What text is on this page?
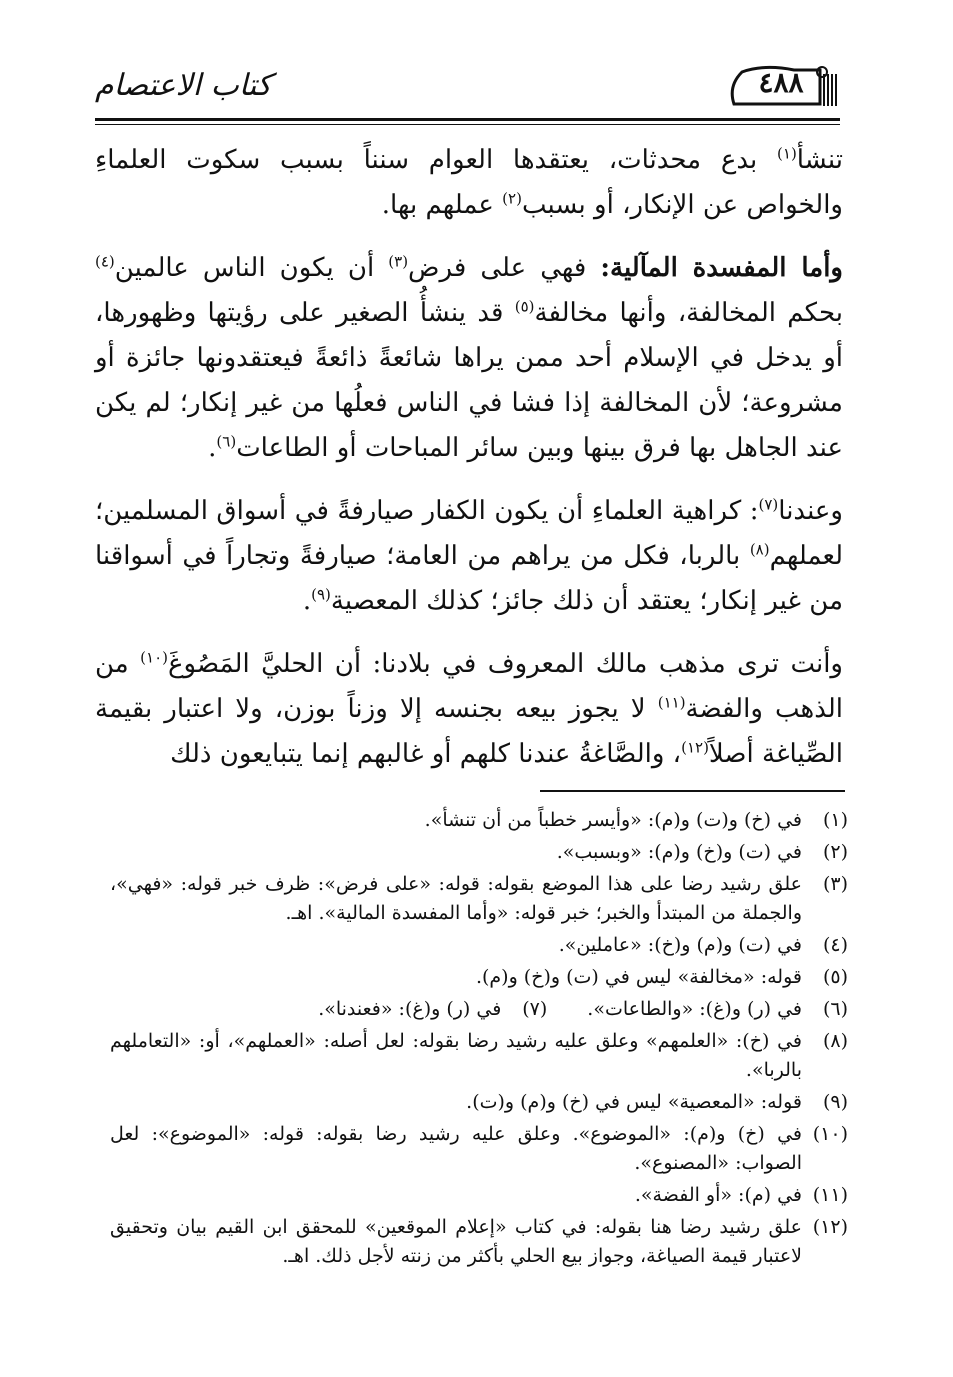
٤٨٨
كتاب الاعتصام

تنشأ$^{(١)}$ بدع محدثات، يعتقدها العوام سنناً بسبب سكوت العلماءِ والخواص عن الإنكار، أو بسبب$^{(٢)}$ عملهم بها.

وأما المفسدة المآلية: فهي على فرض$^{(٣)}$ أن يكون الناس عالمين$^{(٤)}$ بحكم المخالفة، وأنها مخالفة$^{(٥)}$ قد ينشأُ الصغير على رؤيتها وظهورها، أو يدخل في الإسلام أحد ممن يراها شائعةً ذائعةً فيعتقدونها جائزة أو مشروعة؛ لأن المخالفة إذا فشا في الناس فعلُها من غير إنكار؛ لم يكن عند الجاهل بها فرق بينها وبين سائر المباحات أو الطاعات$^{(٦)}$.

وعندنا$^{(٧)}$: كراهية العلماءِ أن يكون الكفار صيارفةً في أسواق المسلمين؛ لعملهم$^{(٨)}$ بالربا، فكل من يراهم من العامة؛ صيارفةً وتجاراً في أسواقنا من غير إنكار؛ يعتقد أن ذلك جائز؛ كذلك المعصية$^{(٩)}$.

وأنت ترى مذهب مالك المعروف في بلادنا: أن الحليَّ المَصُوغَ$^{(١٠)}$ من الذهب والفضة$^{(١١)}$ لا يجوز بيعه بجنسه إلا وزناً بوزن، ولا اعتبار بقيمة الصِّياغة أصلاً$^{(١٢)}$، والصَّاغةُ عندنا كلهم أو غالبهم إنما يتبايعون ذلك

(١)
في (خ) و(ت) و(م): «وأيسر خطباً من أن تنشأ».
(٢)
في (ت) و(خ) و(م): «وبسبب».
(٣)
علق رشيد رضا على هذا الموضع بقوله: قوله: «على فرض»: ظرف خبر قوله: «فهي»، والجملة من المبتدأ والخبر؛ خبر قوله: «وأما المفسدة المالية». اهـ.
(٤)
في (ت) و(م) و(خ): «عاملين».
(٥)
قوله: «مخالفة» ليس في (ت) و(خ) و(م).
(٦)
في (ر) و(غ): «والطاعات».
(٧)
في (ر) و(غ): «فعندنا».
(٨)
في (خ): «العلمهم» وعلق عليه رشيد رضا بقوله: لعل أصله: «العملهم»، أو: «التعاملهم بالربا».
(٩)
قوله: «المعصية» ليس في (خ) و(م) و(ت).
(١٠)
في (خ) و(م): «الموضوع». وعلق عليه رشيد رضا بقوله: قوله: «الموضوع»: لعل الصواب: «المصنوع».
(١١)
في (م): «أو الفضة».
(١٢)
علق رشيد رضا هنا بقوله: في كتاب «إعلام الموقعين» للمحقق ابن القيم بيان وتحقيق لاعتبار قيمة الصياغة، وجواز بيع الحلي بأكثر من زنته لأجل ذلك. اهـ.
